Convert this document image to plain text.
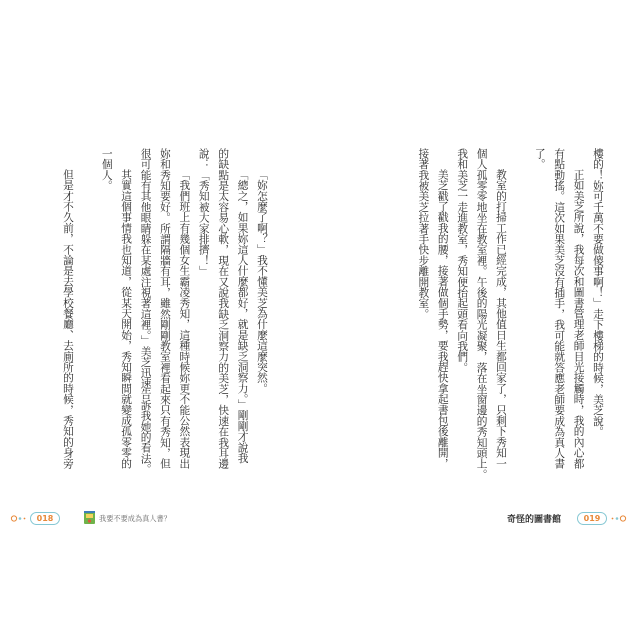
樓的！妳可千萬不要做傻事啊！」走下樓梯的時候，美芝說。
正如美芝所說，我每次和圖書管理老師目光接觸時，我的內心都
有點動搖。這次如果美芝沒有插手，我可能就答應老師要成為真人書
了。
教室的打掃工作已經完成，其他值日生都回家了，只剩下秀知一
個人孤零零地坐在教室裡。午後的陽光凝聚，落在坐窗邊的秀知頭上。
我和美芝一走進教室，秀知便抬起頭看向我們。
美芝戳了戳我的腰，接著做個手勢，要我趕快拿起書包後離開，
接著我被美芝拉著手快步離開教室。
「妳怎麼了啊？」我不懂美芝為什麼這麼突然。
「總之，如果妳這人什麼都好，就是缺乏洞察力。」剛剛才說我
的缺點是太容易心軟，現在又說我缺乏洞察力的美芝，快速在我耳邊
說：「秀知被大家排擠！」
「我們班上有幾個女生霸凌秀知，這種時候妳更不能公然表現出
妳和秀知要好。所謂隔牆有耳，雖然剛剛教室裡看起來只有秀知，但
很可能有其他眼睛躲在某處注視著這裡。」美芝迅速告訴我她的看法。
其實這個事情我也知道，從某天開始，秀知瞬間就變成孤零零的
一個人。
但是才不久前，不論是去學校餐廳、去廁所的時候，秀知的身旁
018	我要不要成為真人書？	奇怪的圖書館	019
